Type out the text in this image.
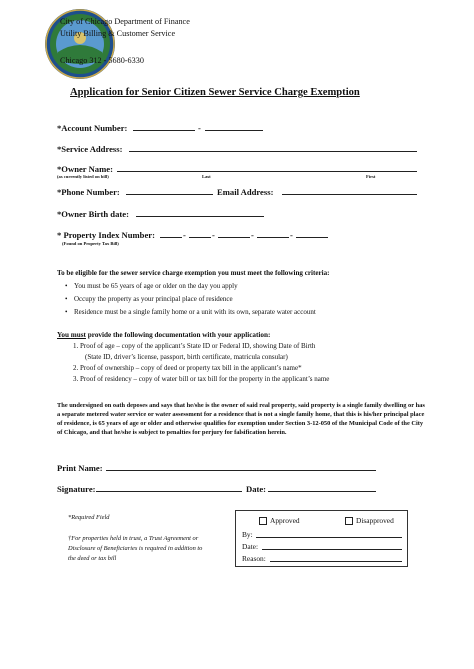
City of Chicago Department of Finance
Utility Billing & Customer Service
Chicago 312 - 5680-6330
Application for Senior Citizen Sewer Service Charge Exemption
*Account Number:	-
*Service Address:
*Owner Name:
(as currently listed on bill)	Last	First
*Phone Number:	Email Address:
*Owner Birth date:
* Property Index Number:	-	-	-	-
(Found on Property Tax Bill)
To be eligible for the sewer service charge exemption you must meet the following criteria:
• You must be 65 years of age or older on the day you apply
• Occupy the property as your principal place of residence
• Residence must be a single family home or a unit with its own, separate water account
You must provide the following documentation with your application:
1. Proof of age – copy of the applicant’s State ID or Federal ID, showing Date of Birth
(State ID, driver’s license, passport, birth certificate, matricula consular)
2. Proof of ownership – copy of deed or property tax bill in the applicant’s name*
3. Proof of residency – copy of water bill or tax bill for the property in the applicant’s name
The undersigned on oath deposes and says that he/she is the owner of said real property, said property is a single family dwelling or has a separate metered water service or water assessment for a residence that is not a single family home, that this is his/her principal place of residence, is 65 years of age or older and otherwise qualifies for exemption under Section 3-12-050 of the Municipal Code of the City of Chicago, and that he/she is subject to penalties for perjury for falsification herein.
Print Name:
Signature:	Date:
*Required Field
†For properties held in trust, a Trust Agreement or
Disclosure of Beneficiaries is required in addition to
the deed or tax bill
Approved	Disapproved
By:
Date:
Reason:
